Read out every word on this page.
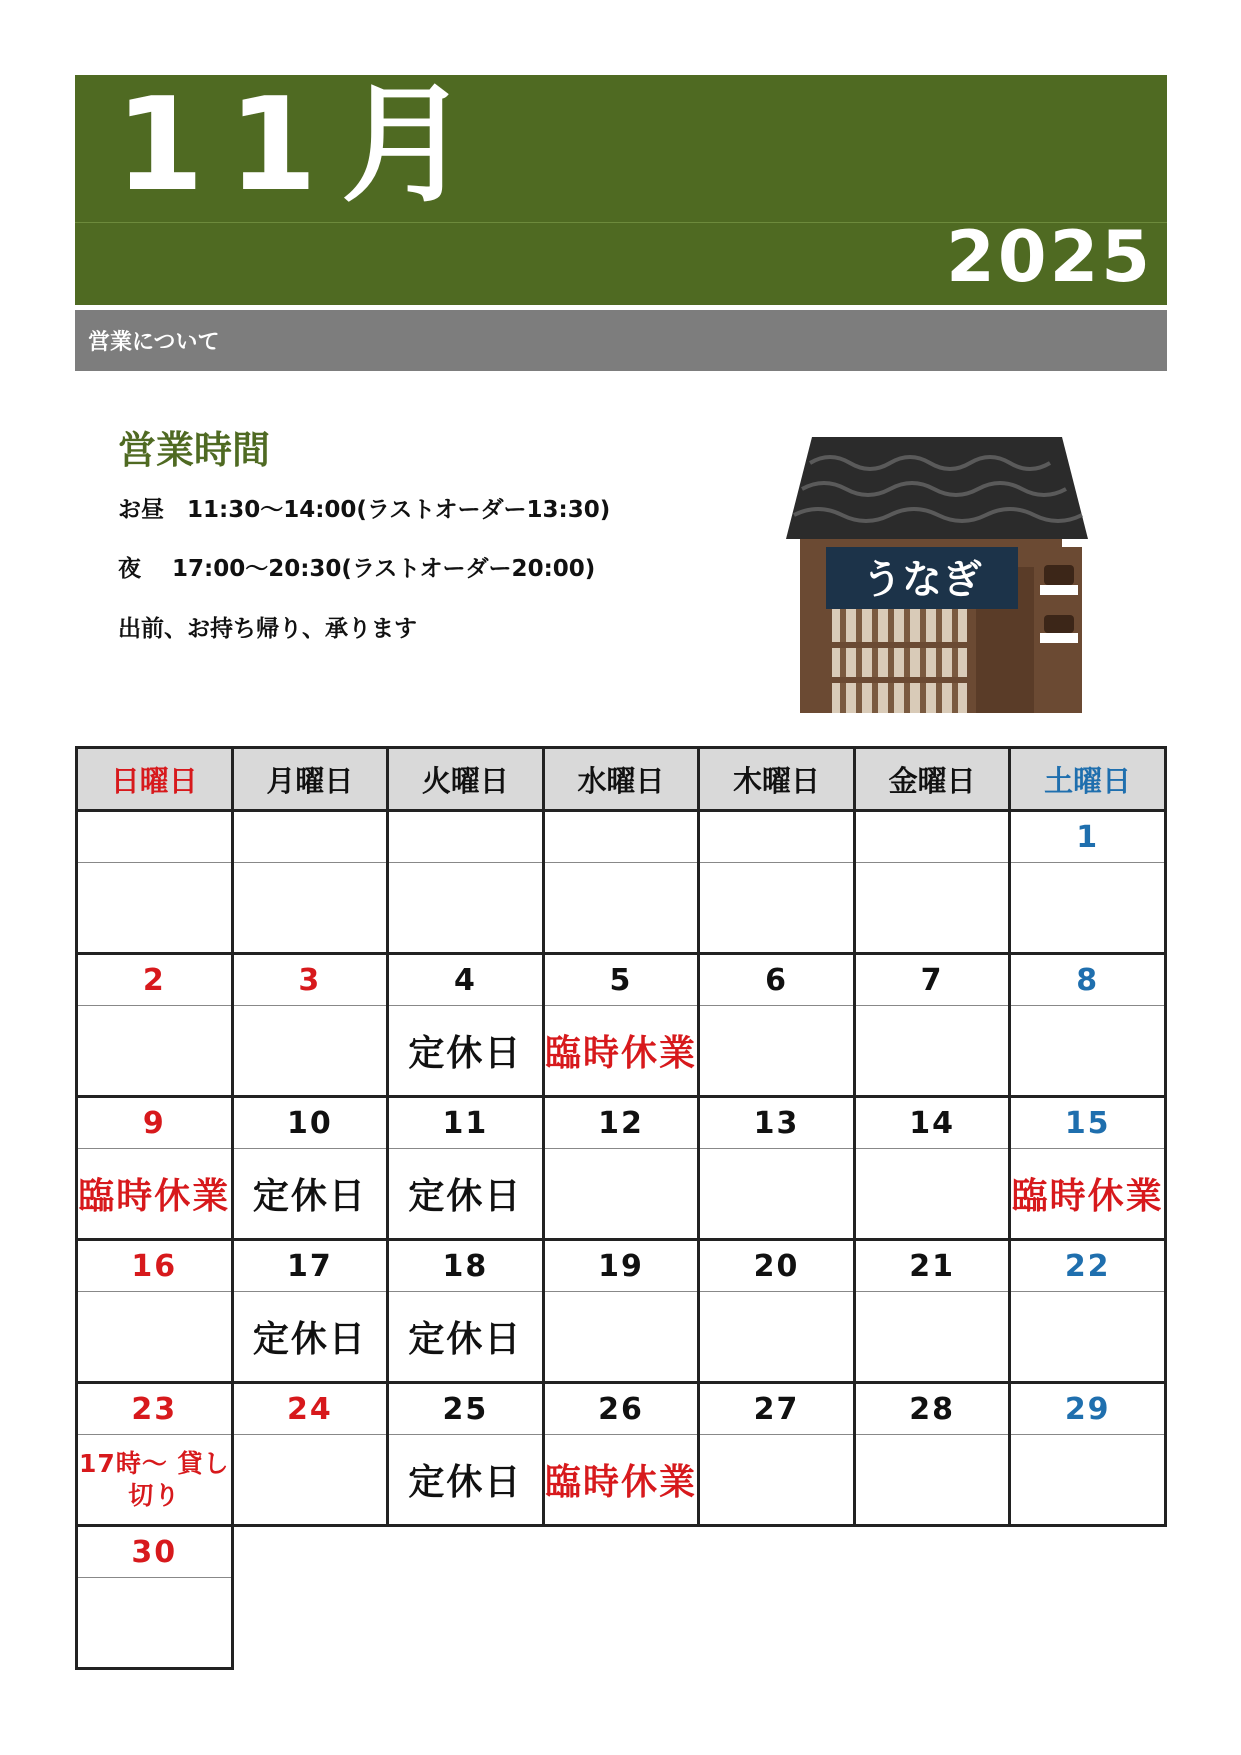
11月
2025
営業について
営業時間
お昼　11:30～14:00(ラストオーダー13:30)
夜　 17:00～20:30(ラストオーダー20:00)
出前、お持ち帰り、承ります
うなぎ
日曜日	月曜日	火曜日	水曜日	木曜日	金曜日	土曜日
						1

2	3	4	5	6	7	8
		定休日	臨時休業			
9	10	11	12	13	14	15
臨時休業	定休日	定休日				臨時休業
16	17	18	19	20	21	22
	定休日	定休日				
23	24	25	26	27	28	29
17時～ 貸し切り		定休日	臨時休業			
30						
